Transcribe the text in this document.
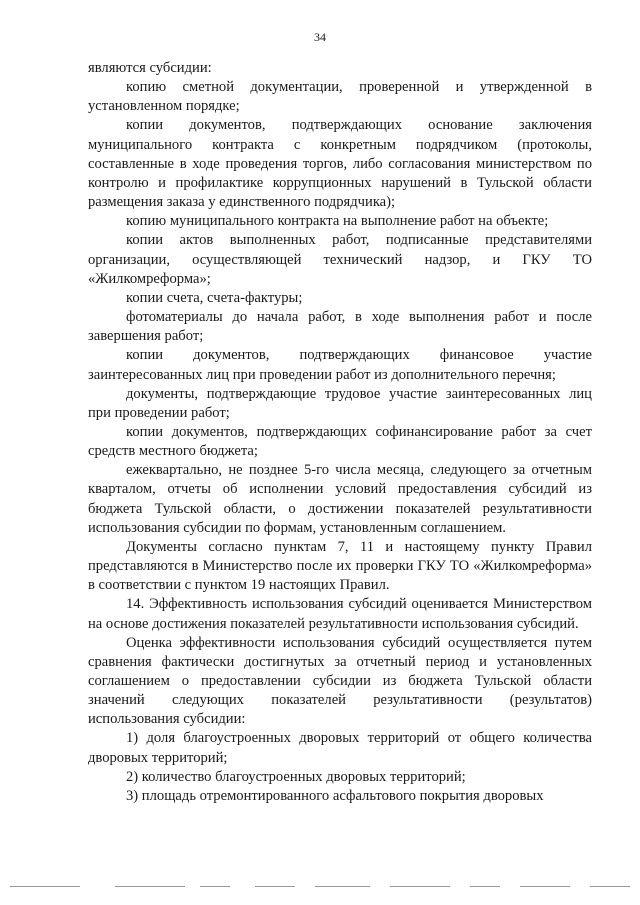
34

являются субсидии:

копию сметной документации, проверенной и утвержденной в установленном порядке;

копии документов, подтверждающих основание заключения муниципального контракта с конкретным подрядчиком (протоколы, составленные в ходе проведения торгов, либо согласования министерством по контролю и профилактике коррупционных нарушений в Тульской области размещения заказа у единственного подрядчика);

копию муниципального контракта на выполнение работ на объекте;

копии актов выполненных работ, подписанные представителями организации, осуществляющей технический надзор, и ГКУ ТО «Жилкомреформа»;

копии счета, счета-фактуры;

фотоматериалы до начала работ, в ходе выполнения работ и после завершения работ;

копии документов, подтверждающих финансовое участие заинтересованных лиц при проведении работ из дополнительного перечня;

документы, подтверждающие трудовое участие заинтересованных лиц при проведении работ;

копии документов, подтверждающих софинансирование работ за счет средств местного бюджета;

ежеквартально, не позднее 5-го числа месяца, следующего за отчетным кварталом, отчеты об исполнении условий предоставления субсидий из бюджета Тульской области, о достижении показателей результативности использования субсидии по формам, установленным соглашением.

Документы согласно пунктам 7, 11 и настоящему пункту Правил представляются в Министерство после их проверки ГКУ ТО «Жилкомреформа» в соответствии с пунктом 19 настоящих Правил.

14. Эффективность использования субсидий оценивается Министерством на основе достижения показателей результативности использования субсидий.

Оценка эффективности использования субсидий осуществляется путем сравнения фактически достигнутых за отчетный период и установленных соглашением о предоставлении субсидии из бюджета Тульской области значений следующих показателей результативности (результатов) использования субсидии:

1) доля благоустроенных дворовых территорий от общего количества дворовых территорий;

2) количество благоустроенных дворовых территорий;

3) площадь отремонтированного асфальтового покрытия дворовых
